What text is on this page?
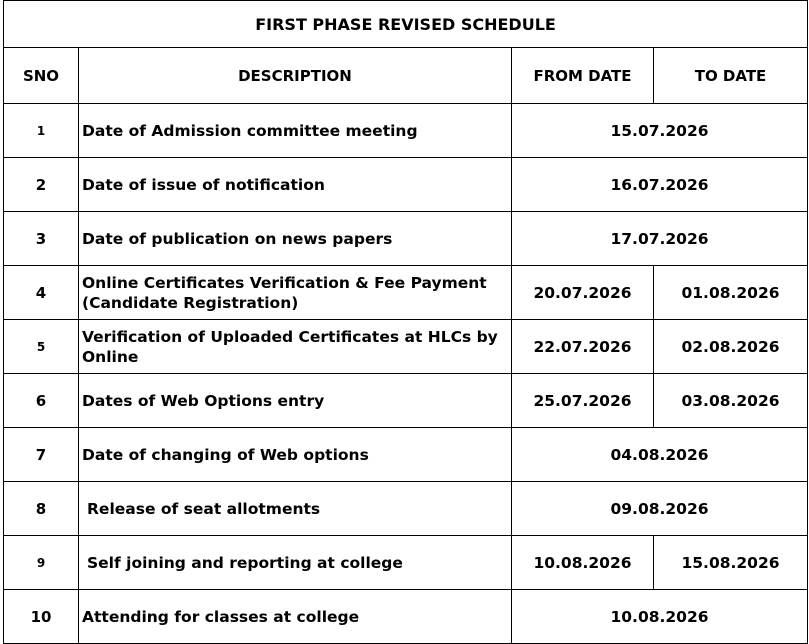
FIRST PHASE REVISED SCHEDULE			
SNO	DESCRIPTION	FROM DATE	TO DATE
1	Date of Admission committee meeting	15.07.2026	
2	Date of issue of notification	16.07.2026	
3	Date of publication on news papers	17.07.2026	
4	Online Certificates Verification & Fee Payment (Candidate Registration)	20.07.2026	01.08.2026
5	Verification of Uploaded Certificates at HLCs by Online	22.07.2026	02.08.2026
6	Dates of Web Options entry	25.07.2026	03.08.2026
7	Date of changing of Web options	04.08.2026	
8	Release of seat allotments	09.08.2026	
9	Self joining and reporting at college	10.08.2026	15.08.2026
10	Attending for classes at college	10.08.2026	
